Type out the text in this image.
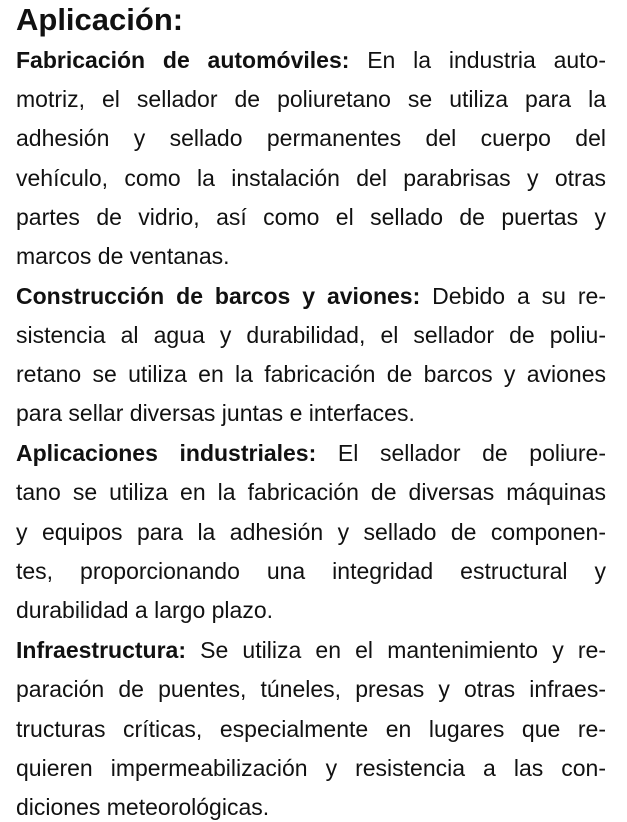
Aplicación:
Fabricación de automóviles: En la industria auto-
motriz, el sellador de poliuretano se utiliza para la
adhesión y sellado permanentes del cuerpo del
vehículo, como la instalación del parabrisas y otras
partes de vidrio, así como el sellado de puertas y
marcos de ventanas.
Construcción de barcos y aviones: Debido a su re-
sistencia al agua y durabilidad, el sellador de poliu-
retano se utiliza en la fabricación de barcos y aviones
para sellar diversas juntas e interfaces.
Aplicaciones industriales: El sellador de poliure-
tano se utiliza en la fabricación de diversas máquinas
y equipos para la adhesión y sellado de componen-
tes, proporcionando una integridad estructural y
durabilidad a largo plazo.
Infraestructura: Se utiliza en el mantenimiento y re-
paración de puentes, túneles, presas y otras infraes-
tructuras críticas, especialmente en lugares que re-
quieren impermeabilización y resistencia a las con-
diciones meteorológicas.
